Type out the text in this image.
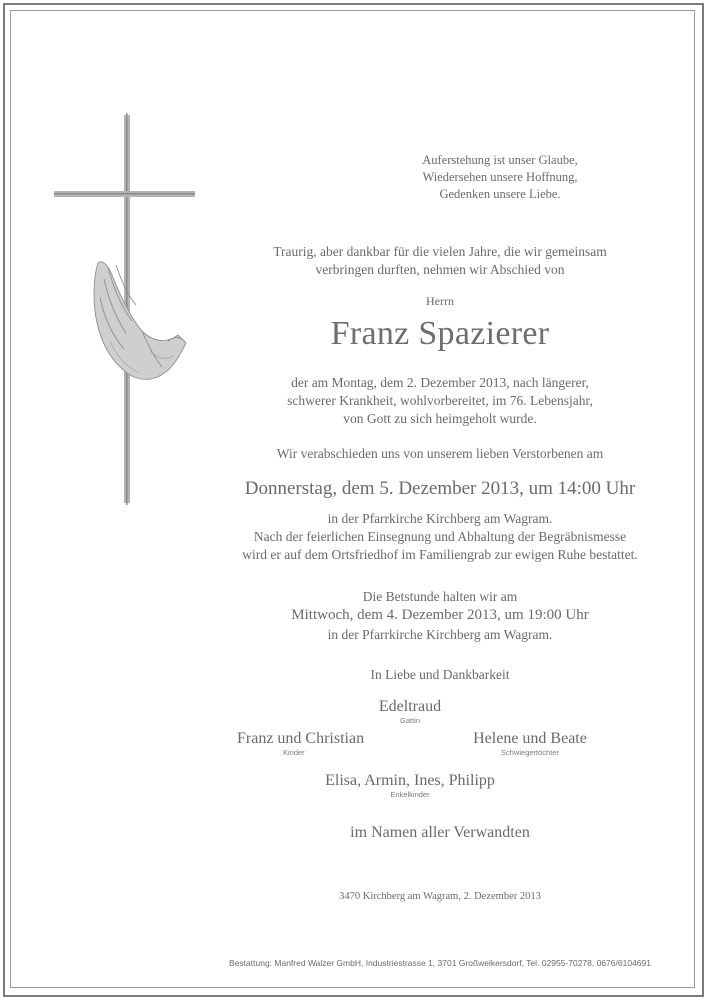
Auferstehung ist unser Glaube,
Wiedersehen unsere Hoffnung,
Gedenken unsere Liebe.
Traurig, aber dankbar für die vielen Jahre, die wir gemeinsam
verbringen durften, nehmen wir Abschied von
Herrn
Franz Spazierer
der am Montag, dem 2. Dezember 2013, nach längerer,
schwerer Krankheit, wohlvorbereitet, im 76. Lebensjahr,
von Gott zu sich heimgeholt wurde.
Wir verabschieden uns von unserem lieben Verstorbenen am
Donnerstag, dem 5. Dezember 2013, um 14:00 Uhr
in der Pfarrkirche Kirchberg am Wagram.
Nach der feierlichen Einsegnung und Abhaltung der Begräbnismesse
wird er auf dem Ortsfriedhof im Familiengrab zur ewigen Ruhe bestattet.
Die Betstunde halten wir am
Mittwoch, dem 4. Dezember 2013, um 19:00 Uhr
in der Pfarrkirche Kirchberg am Wagram.
In Liebe und Dankbarkeit
Edeltraud
Gattin
Franz und Christian
Kinder
Helene und Beate
Schwiegertöchter
Elisa, Armin, Ines, Philipp
Enkelkinder
im Namen aller Verwandten
3470 Kirchberg am Wagram, 2. Dezember 2013
Bestattung: Manfred Walzer GmbH, Industriestrasse 1, 3701 Großweikersdorf, Tel. 02955-70278, 0676/6104691
